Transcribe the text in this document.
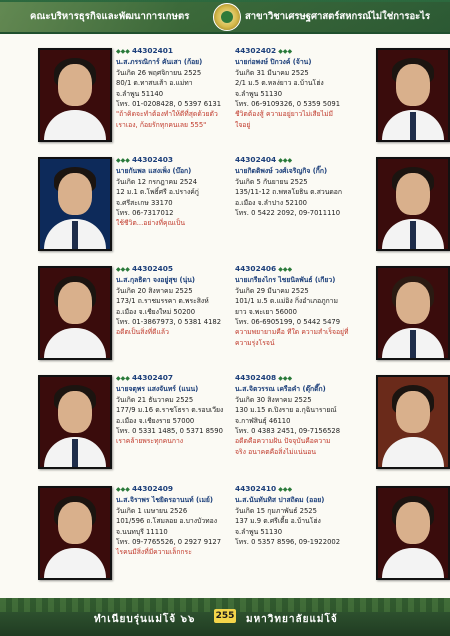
คณะบริหารธุรกิจและพัฒนาการเกษตร	สาขาวิชาเศรษฐศาสตร์สหกรณ์ไม่ใช่การอะไร
◆◆◆ 44302401
น.ส.ภรรณิการ์ คันเสา (ก้อย)
วันเกิด 26 พฤศจิกายน 2525
80/1 ต.ทาสบเส้า อ.แม่ทา
จ.ลำพูน 51140
โทร. 01-0208428, 0 5397 6131
"ถ้าคิดจะทำต้องทำให้ดีที่สุดด้วยตัว
เราเอง, ก้อยรักทุกคนเลย 555"
44302402 ◆◆◆
นายก่อพงษ์ ปิกวงค์ (จ้าน)
วันเกิด 31 มีนาคม 2525
2/1 ม.5 ต.หลง่ยาว อ.บ้านโฮ่ง
จ.ลำพูน 51130
โทร. 06-9109326, 0 5359 5091
ชีวิตต้องสู้ ความอยู่ยาวไม่เสียไม่มี
ใจอยู่
◆◆◆ 44302403
นายกันพล แสงเพ็ง (บ๊อก)
วันเกิด 12 กรกฎาคม 2524
12 ม.1 ต.โพธิ์ศรี อ.ปรางค์กู่
จ.ศรีสะเกษ 33170
โทร. 06-7317012
ใช้ชีวิต...อย่างที่คุณเป็น
44302404 ◆◆◆
นายกิตติพงษ์ วงศ์เจริญกิจ (กิ๊ก)
วันเกิด 5 กันยายน 2525
135/11-12 ถ.พหลโยธิน ต.สวนดอก
อ.เมือง จ.ลำปาง 52100
โทร. 0 5422 2092, 09-7011110
◆◆◆ 44302405
น.ส.กุลธิดา จงอยู่สุข (นุ่น)
วันเกิด 20 สิงหาคม 2525
173/1 ถ.ราชมรรคา ต.พระสิงห์
อ.เมือง จ.เชียงใหม่ 50200
โทร. 01-3867973, 0 5381 4182
อดีตเป็นสิ่งที่ดีแล้ว
44302406 ◆◆◆
นายเกรียงไกร ไชยนิลพันธ์ (เกียว)
วันเกิด 29 มีนาคม 2525
101/1 ม.5 ต.แม่อิง กิ่งอำเภอภูกาม
ยาว จ.พะเยา 56000
โทร. 06-6905199, 0 5442 5479
ความพยายามคือ ทีใด ความสำเร็จอยู่ที่
ความรุ่งโรจน์
◆◆◆ 44302407
นายจตุพร แสงจันทร์ (แนน)
วันเกิด 21 ธันวาคม 2525
177/9 ม.16 ต.ราชโธรา ต.รอบเวียง
อ.เมือง จ.เชียงราย 57000
โทร. 0 5331 1485, 0 5371 8590
เราคล้ายพระทุกคนกาง
44302408 ◆◆◆
น.ส.จิตวรรณ เครือคำ (ตุ๊กตึ๊ก)
วันเกิด 30 สิงหาคม 2525
130 ม.15 ต.ปิงราย อ.กุฉินารายณ์
จ.กาฬสินธุ์ 46110
โทร. 0 4383 2451, 09-7156528
อดีตคือความฝัน ปัจจุบันคือความ
จริง อนาคตคือสิ่งไม่แน่นอน
◆◆◆ 44302409
น.ส.จิราพร ไชยิตรอานนท์ (เมย์)
วันเกิด 1 เมษายน 2526
101/596 ถ.โสมลอย อ.บางบัวทอง
จ.นนทบุรี 11110
โทร. 09-7765526, 0 2927 9127
ไรคนมีสิ่งที่มีความเล็กกระ
44302410 ◆◆◆
น.ส.นันทันทิส ปาสถิดม (ออย)
วันเกิด 15 กุมภาพันธ์ 2525
137 ม.9 ต.ศรีเตี้ย อ.บ้านโฮ่ง
จ.ลำพูน 51130
โทร. 0 5357 8596, 09-1922002
ทำเนียบรุ่นแม่โจ้ ๖๖ 255 มหาวิทยาลัยแม่โจ้
